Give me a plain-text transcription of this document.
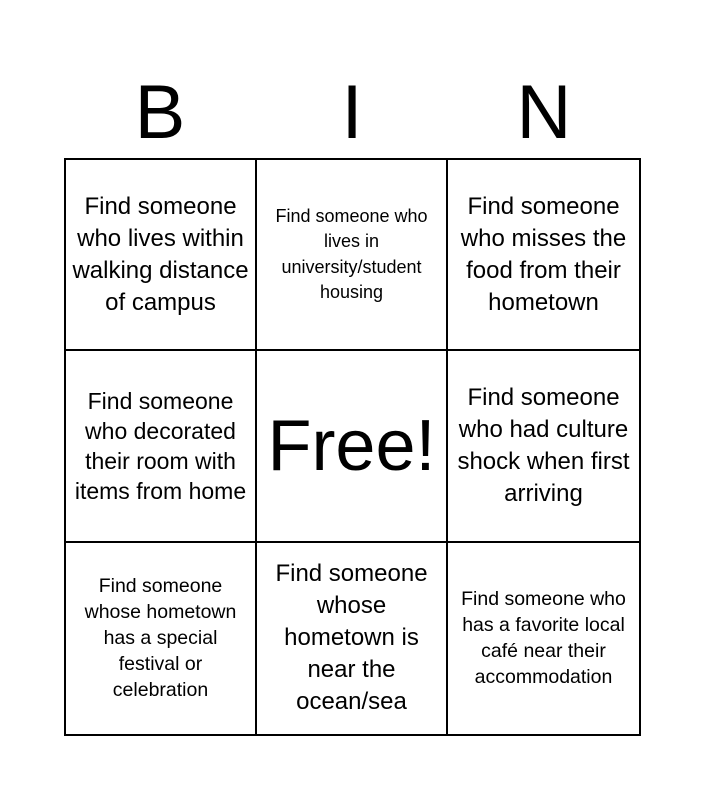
B	I	N
Find someone who lives within walking distance of campus
Find someone who lives in university/student housing
Find someone who misses the food from their hometown
Find someone who decorated their room with items from home
Free!
Find someone who had culture shock when first arriving
Find someone whose hometown has a special festival or celebration
Find someone whose hometown is near the ocean/sea
Find someone who has a favorite local café near their accommodation
